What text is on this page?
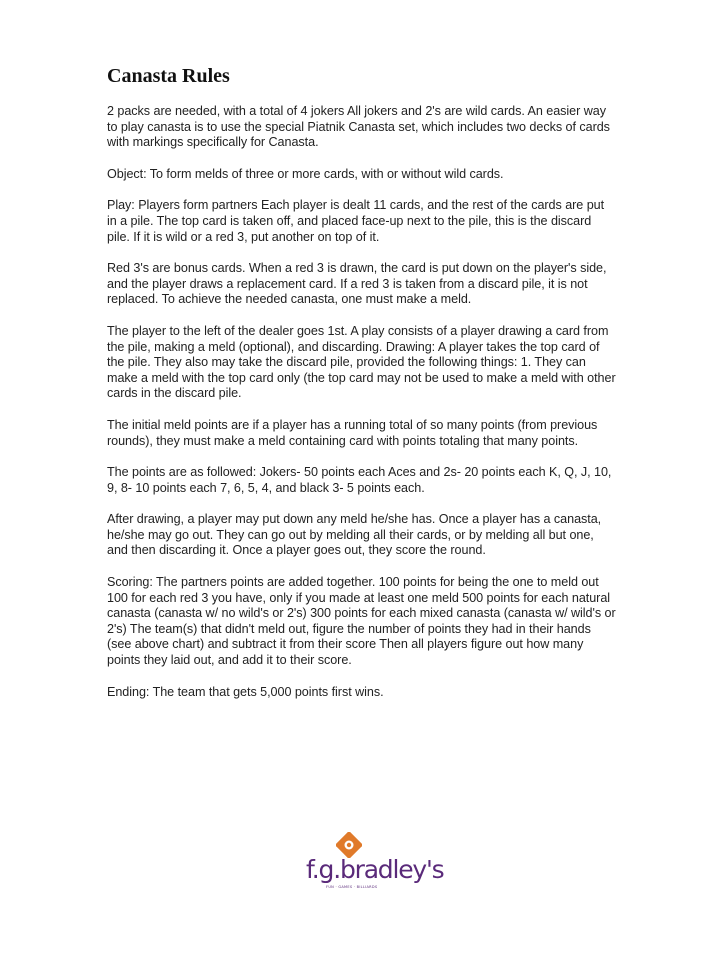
Canasta Rules

2 packs are needed, with a total of 4 jokers All jokers and 2's are wild cards. An easier way to play canasta is to use the special Piatnik Canasta set, which includes two decks of cards with markings specifically for Canasta.

Object: To form melds of three or more cards, with or without wild cards.

Play: Players form partners Each player is dealt 11 cards, and the rest of the cards are put in a pile. The top card is taken off, and placed face-up next to the pile, this is the discard pile. If it is wild or a red 3, put another on top of it.

Red 3's are bonus cards. When a red 3 is drawn, the card is put down on the player's side, and the player draws a replacement card. If a red 3 is taken from a discard pile, it is not replaced. To achieve the needed canasta, one must make a meld.

The player to the left of the dealer goes 1st. A play consists of a player drawing a card from the pile, making a meld (optional), and discarding. Drawing: A player takes the top card of the pile. They also may take the discard pile, provided the following things: 1. They can make a meld with the top card only (the top card may not be used to make a meld with other cards in the discard pile.

The initial meld points are if a player has a running total of so many points (from previous rounds), they must make a meld containing card with points totaling that many points.

The points are as followed: Jokers- 50 points each Aces and 2s- 20 points each K, Q, J, 10, 9, 8- 10 points each 7, 6, 5, 4, and black 3- 5 points each.

After drawing, a player may put down any meld he/she has. Once a player has a canasta, he/she may go out. They can go out by melding all their cards, or by melding all but one, and then discarding it. Once a player goes out, they score the round.

Scoring: The partners points are added together. 100 points for being the one to meld out 100 for each red 3 you have, only if you made at least one meld 500 points for each natural canasta (canasta w/ no wild's or 2's) 300 points for each mixed canasta (canasta w/ wild's or 2's) The team(s) that didn't meld out, figure the number of points they had in their hands (see above chart) and subtract it from their score Then all players figure out how many points they laid out, and add it to their score.

Ending: The team that gets 5,000 points first wins.

f.g.bradley's
FUN · GAMES · BILLIARDS
